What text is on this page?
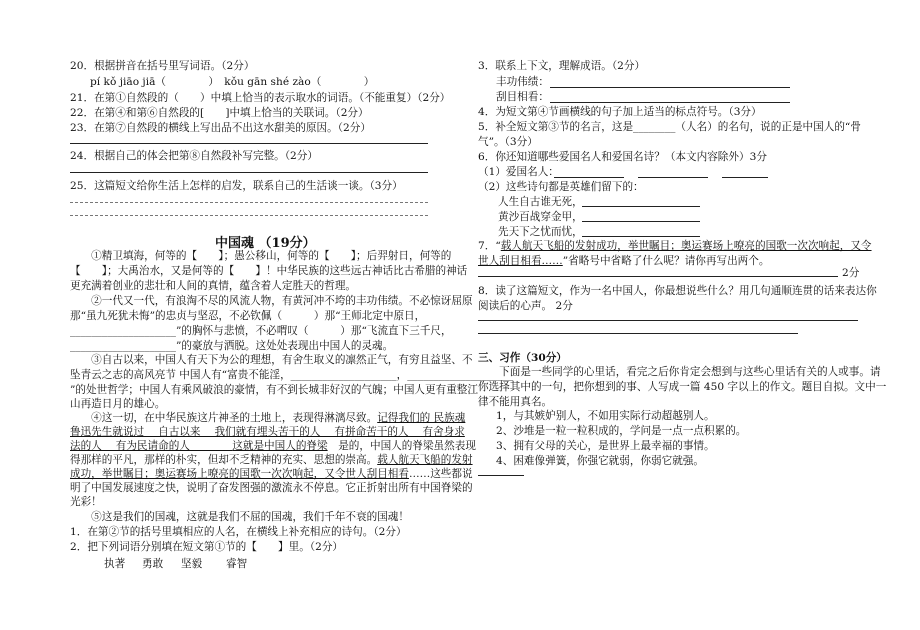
20．根据拼音在括号里写词语。（2分）
pí kǒ jiāo jiā（　　　　）　kǒu gān shé zào（　　　　）
21．在第①自然段的（　　）中填上恰当的表示取水的词语。（不能重复）（2分）
22．在第④和第⑥自然段的[　　]中填上恰当的关联词。（2分）
23．在第⑦自然段的横线上写出品不出这水甜美的原因。（2分）
24．根据自己的体会把第⑧自然段补写完整。（2分）
25．这篇短文给你生活上怎样的启发，联系自己的生活谈一谈。（3分）
中国魂 （19分）
　　①精卫填海，何等的【　　】；愚公移山，何等的【　　】；后羿射日，何等的
【　　】；大禹治水，又是何等的【　　】！中华民族的这些远古神话比古希腊的神话
更充满着创业的悲壮和人间的真情，蕴含着人定胜天的哲理。
　　②一代又一代，有浪淘不尽的风流人物，有黄河冲不垮的丰功伟绩。不必惊讶屈原
那“虽九死犹未悔”的忠贞与坚忍，不必钦佩（　　　）那“王师北定中原日，
____________________”的胸怀与悲愤，不必喟叹（　　　）那“飞流直下三千尺，
____________________”的豪放与洒脱。这处处表现出中国人的灵魂。
　　③自古以来，中国人有天下为公的理想，有舍生取义的凛然正气，有穷且益坚、不
坠青云之志的高风亮节 中国人有“富贵不能淫，____________________，____________________
”的处世哲学；中国人有乘风破浪的豪情，有不到长城非好汉的气魄；中国人更有重整江
山再造日月的雄心。
　　④这一切，在中华民族这片神圣的土地上，表现得淋漓尽致。记得我们的 民族魂
鲁迅先生就说过　 自古以来　 我们就有埋头苦干的人　 有拼命苦干的人　 有舍身求
法的人　 有为民请命的人　　　　这就是中国人的脊梁　是的，中国人的脊梁虽然表现
得那样的平凡，那样的朴实，但却不乏精神的充实、思想的崇高。载人航天飞船的发射
成功，举世瞩目；奥运赛场上嘹亮的国歌一次次响起，又令世人刮目相看……这些都说
明了中国发展速度之快，说明了奋发图强的激流永不停息。它正折射出所有中国脊梁的
光彩！
　　⑤这是我们的国魂，这就是我们不屈的国魂，我们千年不衰的国魂！
1．在第②节的括号里填相应的人名，在横线上补充相应的诗句。（2分）
2．把下列词语分别填在短文第①节的【　　】里。（2分）
执著 勇敢 坚毅 睿智
3．联系上下文，理解成语。（2分）
丰功伟绩：
刮目相看：
4．为短文第④节画横线的句子加上适当的标点符号。（3分）
5．补全短文第③节的名言，这是________（人名）的名句，说的正是中国人的“骨
气”。（3分）
6．你还知道哪些爱国名人和爱国名诗？（本文内容除外）3分
（1）爱国名人：
（2）这些诗句都是英雄们留下的：
人生自古谁无死，
黄沙百战穿金甲，
先天下之忧而忧，
7．“载人航天飞船的发射成功，举世瞩目；奥运赛场上嘹亮的国歌一次次响起，又令
世人刮目相看……”省略号中省略了什么呢？请你再写出两个。
2分
8．读了这篇短文，作为一名中国人，你最想说些什么？用几句通顺连贯的话来表达你
阅读后的心声。 2分
三、习作（30分）
　　下面是一些同学的心里话，看完之后你肯定会想到与这些心里话有关的人或事。请
你选择其中的一句，把你想到的事、人写成一篇 450 字以上的作文。题目自拟。文中一
律不能用真名。
1，与其嫉妒别人，不如用实际行动超越别人。
2、沙堆是一粒一粒积成的，学问是一点一点积累的。
3、拥有父母的关心，是世界上最幸福的事情。
4、困难像弹簧，你强它就弱，你弱它就强。
